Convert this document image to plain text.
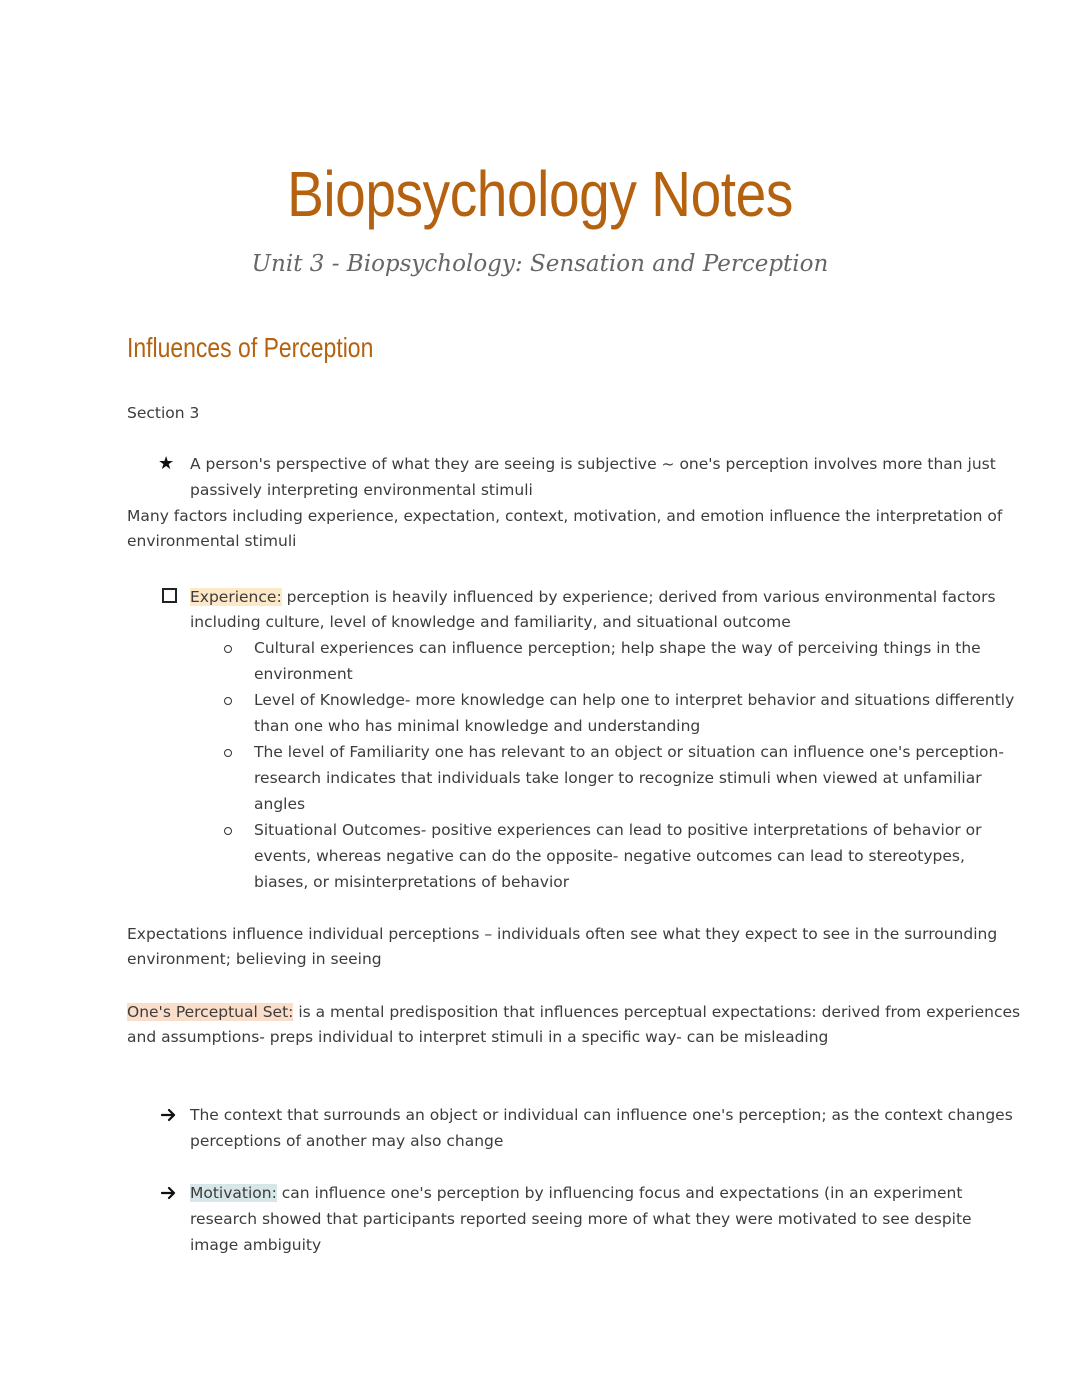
Biopsychology Notes
Unit 3 - Biopsychology: Sensation and Perception
Influences of Perception
Section 3
★ A person's perspective of what they are seeing is subjective ~ one's perception involves more than just
passively interpreting environmental stimuli
Many factors including experience, expectation, context, motivation, and emotion influence the interpretation of
environmental stimuli
Experience: perception is heavily influenced by experience; derived from various environmental factors
including culture, level of knowledge and familiarity, and situational outcome
Cultural experiences can influence perception; help shape the way of perceiving things in the
environment
Level of Knowledge- more knowledge can help one to interpret behavior and situations differently
than one who has minimal knowledge and understanding
The level of Familiarity one has relevant to an object or situation can influence one's perception-
research indicates that individuals take longer to recognize stimuli when viewed at unfamiliar
angles
Situational Outcomes- positive experiences can lead to positive interpretations of behavior or
events, whereas negative can do the opposite- negative outcomes can lead to stereotypes,
biases, or misinterpretations of behavior
Expectations influence individual perceptions – individuals often see what they expect to see in the surrounding
environment; believing in seeing
One's Perceptual Set: is a mental predisposition that influences perceptual expectations: derived from experiences
and assumptions- preps individual to interpret stimuli in a specific way- can be misleading
The context that surrounds an object or individual can influence one's perception; as the context changes
perceptions of another may also change
Motivation: can influence one's perception by influencing focus and expectations (in an experiment
research showed that participants reported seeing more of what they were motivated to see despite
image ambiguity
